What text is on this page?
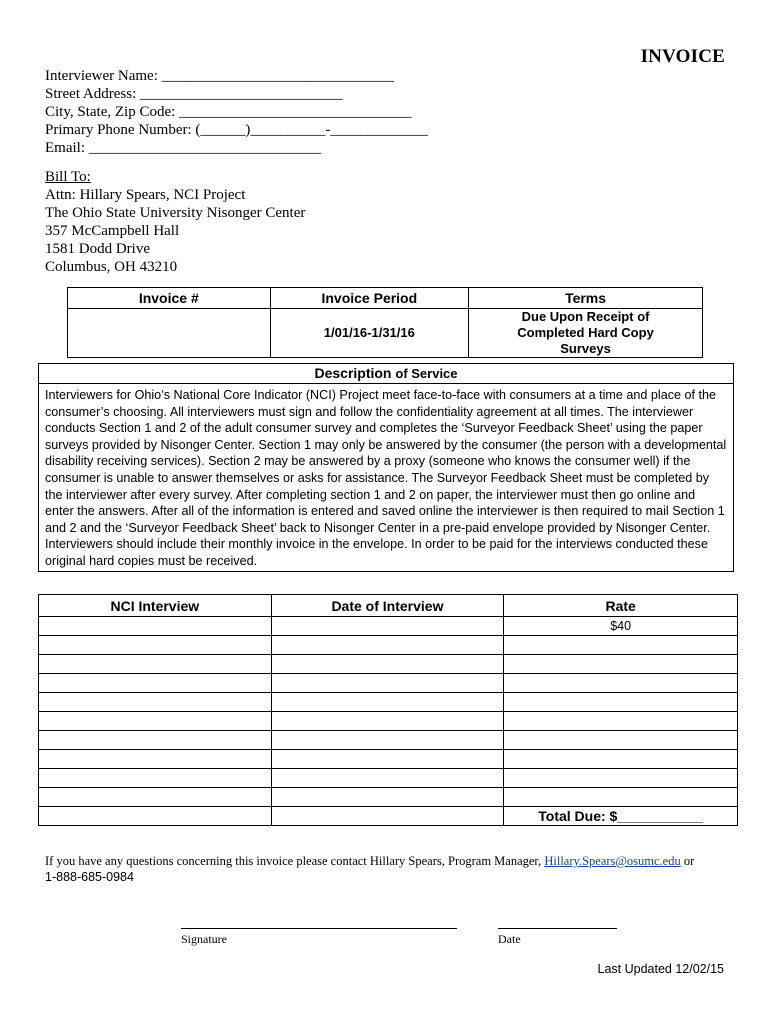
INVOICE
Interviewer Name: _______________________________
Street Address: ___________________________
City, State, Zip Code: _______________________________
Primary Phone Number: (______)__________-_____________
Email: _______________________________
Bill To:
Attn: Hillary Spears, NCI Project
The Ohio State University Nisonger Center
357 McCampbell Hall
1581 Dodd Drive
Columbus, OH 43210
Invoice #	Invoice Period	Terms
	1/01/16-1/31/16	Due Upon Receipt of Completed Hard Copy Surveys
Description of Service
Interviewers for Ohio’s National Core Indicator (NCI) Project meet face-to-face with consumers at a time and place of the consumer’s choosing. All interviewers must sign and follow the confidentiality agreement at all times. The interviewer conducts Section 1 and 2 of the adult consumer survey and completes the ‘Surveyor Feedback Sheet’ using the paper surveys provided by Nisonger Center. Section 1 may only be answered by the consumer (the person with a developmental disability receiving services). Section 2 may be answered by a proxy (someone who knows the consumer well) if the consumer is unable to answer themselves or asks for assistance. The Surveyor Feedback Sheet must be completed by the interviewer after every survey. After completing section 1 and 2 on paper, the interviewer must then go online and enter the answers. After all of the information is entered and saved online the interviewer is then required to mail Section 1 and 2 and the ‘Surveyor Feedback Sheet’ back to Nisonger Center in a pre-paid envelope provided by Nisonger Center. Interviewers should include their monthly invoice in the envelope. In order to be paid for the interviews conducted these original hard copies must be received.
NCI Interview	Date of Interview	Rate
		$40

		Total Due: $___________
If you have any questions concerning this invoice please contact Hillary Spears, Program Manager, Hillary.Spears@osumc.edu or
1-888-685-0984
Signature	Date
Last Updated 12/02/15
